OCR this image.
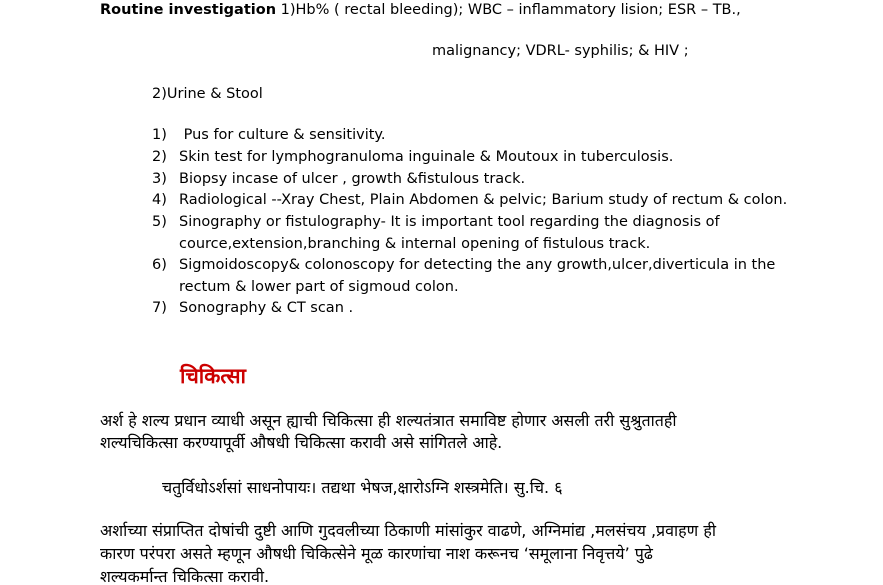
Routine investigation 1)Hb% ( rectal bleeding); WBC – inflammatory lision; ESR – TB.,
malignancy; VDRL- syphilis; & HIV ;
2)Urine & Stool
1) Pus for culture & sensitivity.
2) Skin test for lymphogranuloma inguinale & Moutoux in tuberculosis.
3) Biopsy incase of ulcer , growth &fistulous track.
4) Radiological --Xray Chest, Plain Abdomen & pelvic; Barium study of rectum & colon.
5) Sinography or fistulography- It is important tool regarding the diagnosis of
cource,extension,branching & internal opening of fistulous track.
6) Sigmoidoscopy& colonoscopy for detecting the any growth,ulcer,diverticula in the
rectum & lower part of sigmoud colon.
7) Sonography & CT scan .
चिकित्सा
अर्श हे शल्य प्रधान व्याधी असून ह्याची चिकित्सा ही शल्यतंत्रात समाविष्ट होणार असली तरी सुश्रुतातही
शल्यचिकित्सा करण्यापूर्वी औषधी चिकित्सा करावी असे सांगितले आहे.
चतुर्विधोऽर्शसां साधनोपायः। तद्यथा भेषज,क्षारोऽग्नि शस्त्रमेति। सु.चि. ६
अर्शाच्या संप्राप्तित दोषांची दुष्टी आणि गुदवलीच्या ठिकाणी मांसांकुर वाढणे, अग्निमांद्य ,मलसंचय ,प्रवाहण ही
कारण परंपरा असते म्हणून औषधी चिकित्सेने मूळ कारणांचा नाश करूनच ‘समूलाना निवृत्तये’ पुढे
शल्यकर्मान्त चिकित्सा करावी.
